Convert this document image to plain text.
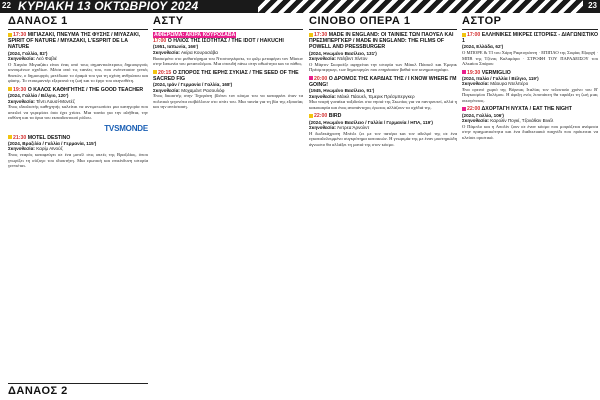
22 ΚΥΡΙΑΚΗ 13 ΟΚΤΩΒΡΙΟΥ 2024	23
ΔΑΝΑΟΣ 1
17:30 ΜΙΓΙΑΖΑΚΙ, ΠΝΕΥΜΑ ΤΗΣ ΦΥΣΗΣ / MIYAZAKI, SPIRIT OF NATURE / MIYAZAKI, L'ESPRIT DE LA NATURE
(2024, Γαλλία, 82')
Σκηνοθεσία: Λεό Φαβιέ
Ο Χαγιάο Μιγιαζάκι είναι ένας από τους σημαντικότερους δημιουργούς κινουμένων σχεδίων. Μέσα από τις ταινίες του, που ενέπνευσαν γενιές θεατών, ο δημιουργός μετέδωσε το όραμά του για τη σχέση ανθρώπου και φύσης. Το ντοκιμαντέρ εξερευνά τη ζωή και το έργο του σκηνοθέτη.
19:30 Ο ΚΑΛΟΣ ΚΑΘΗΓΗΤΗΣ / THE GOOD TEACHER
(2024, Γαλλία / Βέλγιο, 120')
Σκηνοθεσία: Τέντι Λουσί-Μοντέζ
Ένας ιδεαλιστής καθηγητής καλείται να αντιμετωπίσει μια κατηγορία που απειλεί να γκρεμίσει όσα έχει χτίσει. Μια ταινία για την αλήθεια, την ευθύνη και τα όρια του εκπαιδευτικού ρόλου.
TVSMONDE
21:30 MOTEL DESTINO
(2024, Βραζιλία / Γαλλία / Γερμανία, 115')
Σκηνοθεσία: Καρίμ Αϊνούζ
Ένας νεαρός καταφεύγει σε ένα μοτέλ στις ακτές της Βραζιλίας, όπου γνωρίζει τη σύζυγο του ιδιοκτήτη. Μια ερωτική και επικίνδυνη ιστορία γεννιέται.
ΔΑΝΑΟΣ 2
ΑΣΤΥ
ΑΦΙΕΡΩΜΑ: ΑΚΙΡΑ ΚΟΥΡΟΣΑΒΑ
17:00 Ο ΗΛΙΟΣ ΤΗΣ ΙΣΟΤΗΤΑΣ / THE IDOT / HAKUCHI
(1951, Ιαπωνία, 166')
Σκηνοθεσία: Ακίρα Κουροσάβα
Βασισμένο στο μυθιστόρημα του Ντοστογιέφσκι, το φιλμ μεταφέρει τον Μίσκιν στην Ιαπωνία του μεταπολέμου. Μια σπουδή πάνω στην αθωότητα και το πάθος.
20:15 Ο ΣΠΟΡΟΣ ΤΗΣ ΙΕΡΗΣ ΣΥΚΙΑΣ / THE SEED OF THE SACRED FIG
(2024, Ιράν / Γερμανία / Γαλλία, 168')
Σκηνοθεσία: Μοχαμάντ Ρασουλόφ
Ένας δικαστής στην Τεχεράνη βλέπει τον κόσμο του να καταρρέει όταν τα πολιτικά γεγονότα εισβάλλουν στο σπίτι του. Μια ταινία για τη βία της εξουσίας και την αντίσταση.
CINOBO ΟΠΕΡΑ 1
17:30 MADE IN ENGLAND: ΟΙ ΤΑΙΝΙΕΣ ΤΩΝ ΠΑΟΥΕΛ ΚΑΙ ΠΡΕΣΜΠΕΡΓΚΕΡ / MADE IN ENGLAND: THE FILMS OF POWELL AND PRESSBURGER
(2024, Ηνωμένο Βασίλειο, 131')
Σκηνοθεσία: Ντέιβιντ Χίντον
Ο Μάρτιν Σκορσέζε αφηγείται την ιστορία των Μάικλ Πάουελ και Έμερικ Πρέσμπεργκερ, των δημιουργών που επηρέασαν βαθιά τον κινηματογράφο.
20:00 Ο ΔΡΟΜΟΣ ΤΗΣ ΚΑΡΔΙΑΣ ΤΗΣ / I KNOW WHERE I'M GOING!
(1945, Ηνωμένο Βασίλειο, 91')
Σκηνοθεσία: Μάικλ Πάουελ, Έμερικ Πρέσμπεργκερ
Μια νεαρή γυναίκα ταξιδεύει στα νησιά της Σκωτίας για να παντρευτεί, αλλά η κακοκαιρία και ένας αναπάντεχος έρωτας αλλάζουν τα σχέδιά της.
22:00 BIRD
(2024, Ηνωμένο Βασίλειο / Γαλλία / Γερμανία / ΗΠΑ, 119')
Σκηνοθεσία: Άντρεα Άρνολντ
Η δωδεκάχρονη Μπέιλι ζει με τον πατέρα και τον αδελφό της σε ένα εγκαταλελειμμένο συγκρότημα κατοικιών. Η γνωριμία της με έναν μυστηριώδη άγνωστο θα αλλάξει τη ματιά της στον κόσμο.
ΑΣΤΟΡ
17:00 ΕΛΛΗΝΙΚΕΣ ΜΙΚΡΕΣ ΙΣΤΟΡΙΕΣ - ΔΙΑΓΩΝΙΣΤΙΚΟ 1
(2024, Ελλάδα, 62')
Ο ΜΠΟΡΕ & ΤΙ του Χάρη Ραφτογιάννη · ΕΠΙΠΛΟ της Σοφίας Εξαρχή · ΜΠΒ της Τζίνας Καλαμάρα · ΣΤΡΟΦΗ ΤΟΥ ΠΑΡΑΔΕΙΣΟΥ του Αλκαίου Σπάρου
19:30 VERMIGLIO
(2024, Ιταλία / Γαλλία / Βέλγιο, 119')
Σκηνοθεσία: Μάουρα Ντελπέρο
Ένα ορεινό χωριό της Βόρειας Ιταλίας τον τελευταίο χρόνο του Β' Παγκοσμίου Πολέμου. Η άφιξη ενός λιποτάκτη θα ταράξει τη ζωή μιας οικογένειας.
22:00 ΔΧΟΡΤΑΓΗ ΝΥΧΤΑ / EAT THE NIGHT
(2024, Γαλλία, 106')
Σκηνοθεσία: Καρολίν Πογκί, Τζονάθαν Βινέλ
Ο Πάμπλο και η Απολίν ζουν σε έναν κόσμο που μοιράζεται ανάμεσα στην πραγματικότητα και ένα διαδικτυακό παιχνίδι που πρόκειται να κλείσει οριστικά.
